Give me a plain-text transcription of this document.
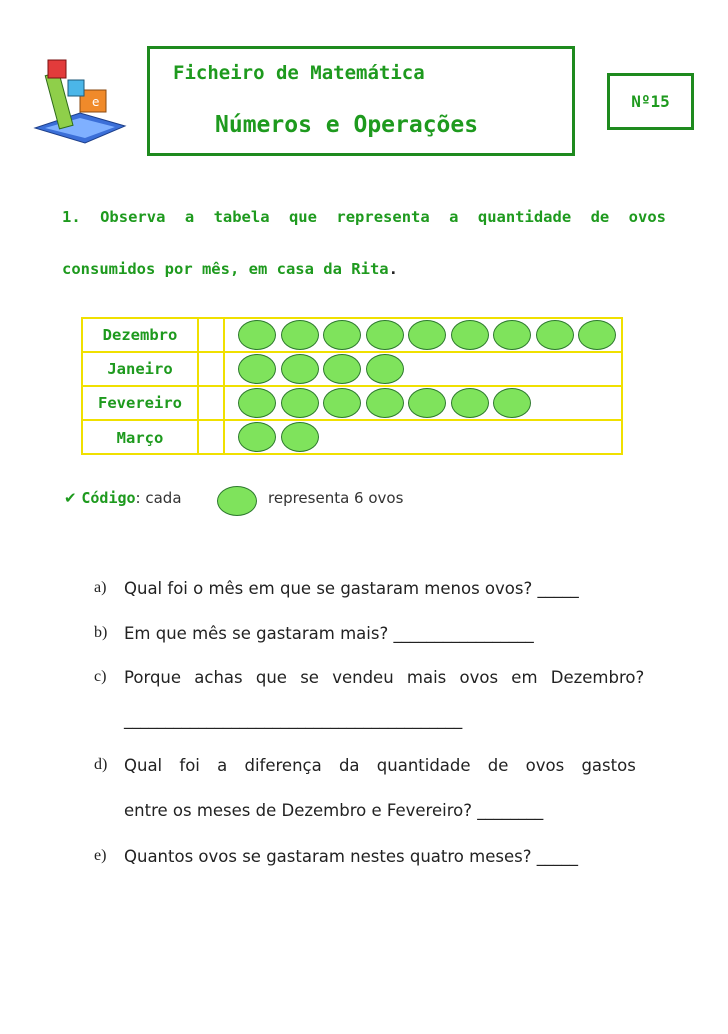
e
Ficheiro de Matemática
Números e Operações
Nº15
1. Observa a tabela que representa a quantidade de ovos
consumidos por mês, em casa da Rita.
Dezembro
Janeiro
Fevereiro
Março
✔ Código: cada	representa 6 ovos
a) Qual foi o mês em que se gastaram menos ovos? _____
b) Em que mês se gastaram mais? _________________
c) Porque achas que se vendeu mais ovos em Dezembro?
_________________________________________
d) Qual foi a diferença da quantidade de ovos gastos
entre os meses de Dezembro e Fevereiro? ________
e) Quantos ovos se gastaram nestes quatro meses? _____
